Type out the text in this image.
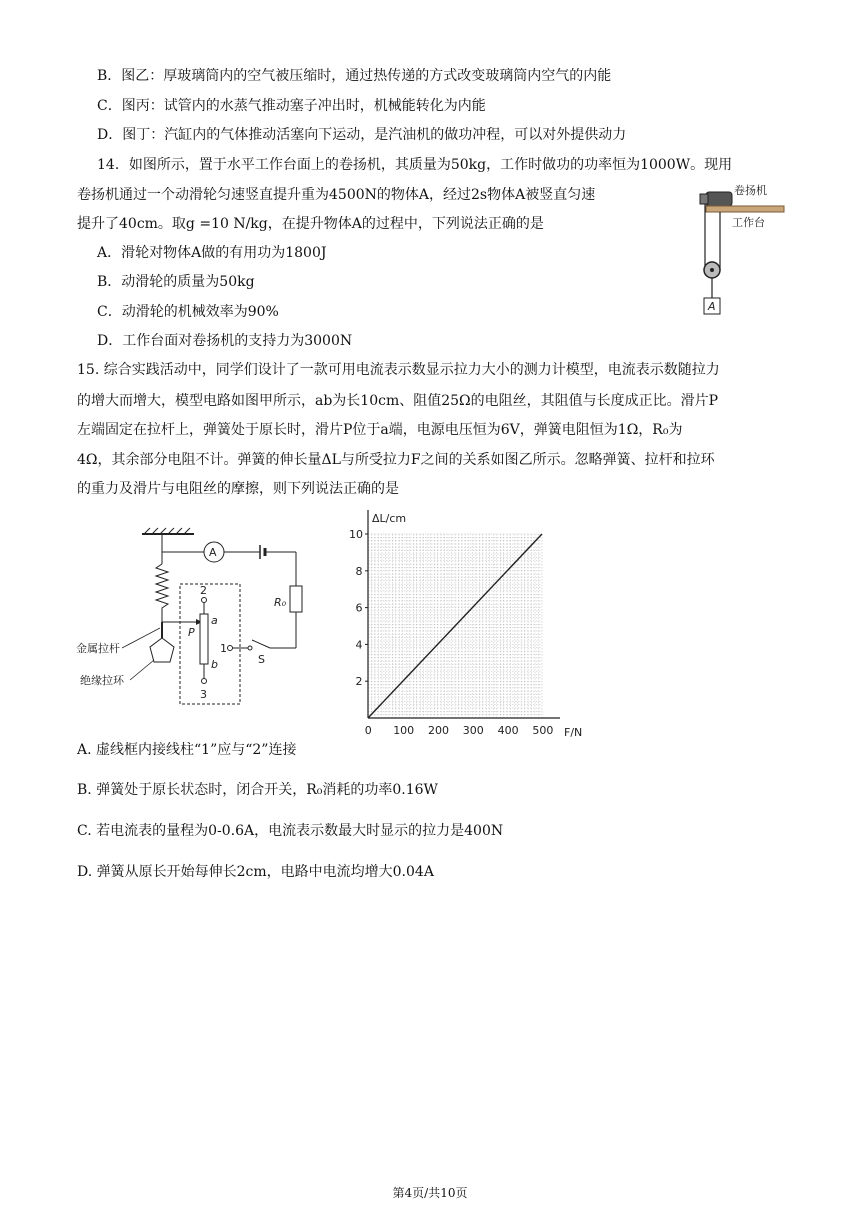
B．图乙：厚玻璃筒内的空气被压缩时，通过热传递的方式改变玻璃筒内空气的内能
C．图丙：试管内的水蒸气推动塞子冲出时，机械能转化为内能
D．图丁：汽缸内的气体推动活塞向下运动，是汽油机的做功冲程，可以对外提供动力
14．如图所示，置于水平工作台面上的卷扬机，其质量为50kg，工作时做功的功率恒为1000W。现用
卷扬机通过一个动滑轮匀速竖直提升重为4500N的物体A，经过2s物体A被竖直匀速
提升了40cm。取g =10 N/kg，在提升物体A的过程中，下列说法正确的是
A．滑轮对物体A做的有用功为1800J
B．动滑轮的质量为50kg
C．动滑轮的机械效率为90%
D．工作台面对卷扬机的支持力为3000N
卷扬机
工作台
A
15. 综合实践活动中，同学们设计了一款可用电流表示数显示拉力大小的测力计模型，电流表示数随拉力
的增大而增大，模型电路如图甲所示，ab为长10cm、阻值25Ω的电阻丝，其阻值与长度成正比。滑片P
左端固定在拉杆上，弹簧处于原长时，滑片P位于a端，电源电压恒为6V，弹簧电阻恒为1Ω，R₀为
4Ω，其余部分电阻不计。弹簧的伸长量ΔL与所受拉力F之间的关系如图乙所示。忽略弹簧、拉杆和拉环
的重力及滑片与电阻丝的摩擦，则下列说法正确的是
A
R₀
S
1
P
金属拉杆
绝缘拉环
2
a
b
3
ΔL/cm
F/N
0 100 200 300 400 500
2
4
6
8
10
A. 虚线框内接线柱“1”应与“2”连接
B. 弹簧处于原长状态时，闭合开关，R₀消耗的功率0.16W
C. 若电流表的量程为0-0.6A，电流表示数最大时显示的拉力是400N
D. 弹簧从原长开始每伸长2cm，电路中电流均增大0.04A
第4页/共10页
